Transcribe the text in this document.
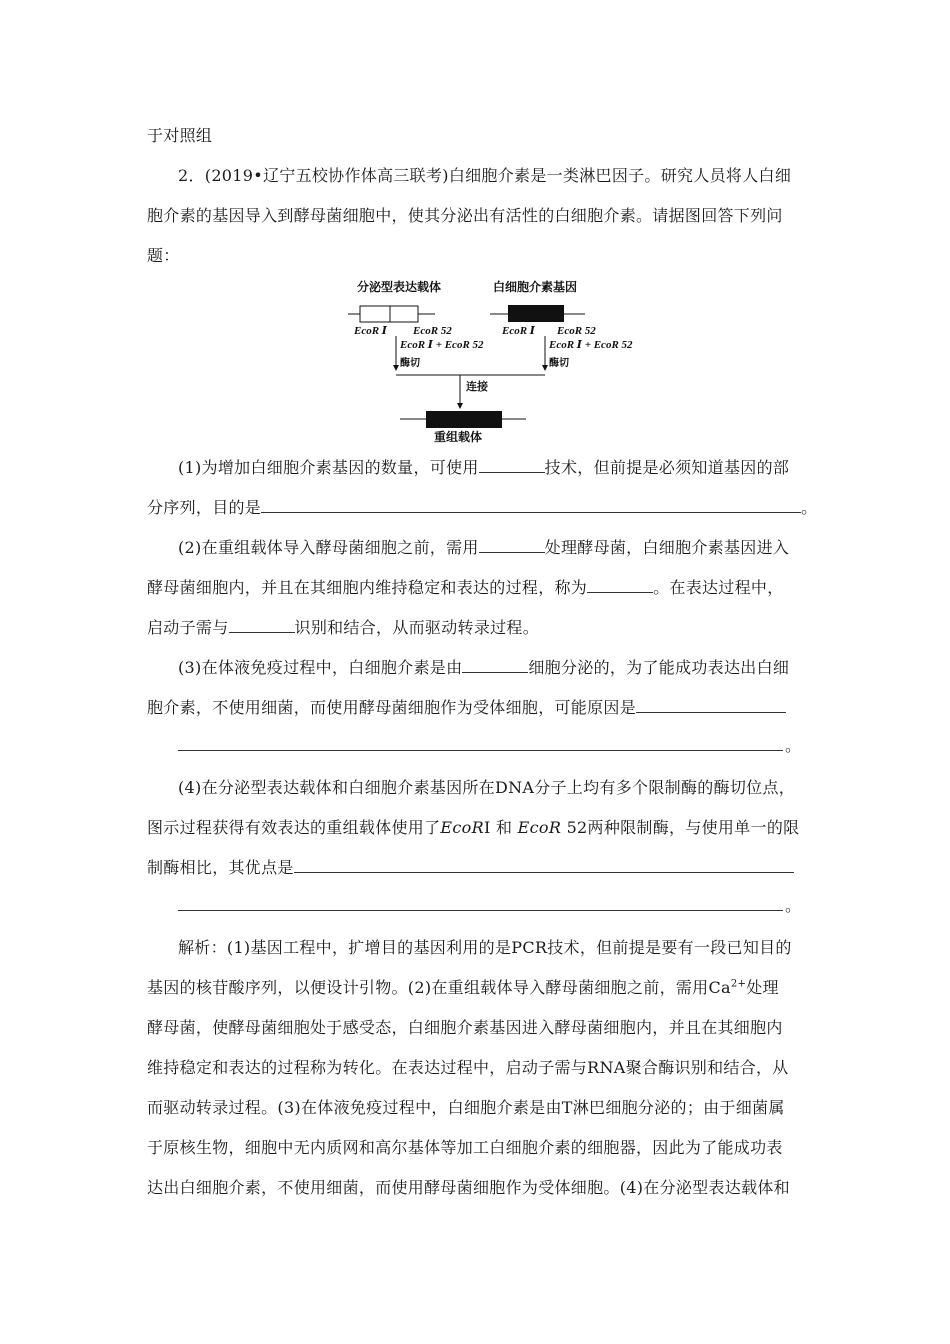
于对照组
2．(2019•辽宁五校协作体高三联考)白细胞介素是一类淋巴因子。研究人员将人白细
胞介素的基因导入到酵母菌细胞中，使其分泌出有活性的白细胞介素。请据图回答下列问
题：
分泌型表达载体
EcoR Ⅰ EcoR 52
EcoR Ⅰ + EcoR 52
酶切
白细胞介素基因
EcoR Ⅰ EcoR 52
EcoR Ⅰ + EcoR 52
酶切
连接
重组载体
(1)为增加白细胞介素基因的数量，可使用	技术，但前提是必须知道基因的部
分序列，目的是	。
(2)在重组载体导入酵母菌细胞之前，需用	处理酵母菌，白细胞介素基因进入
酵母菌细胞内，并且在其细胞内维持稳定和表达的过程，称为	。在表达过程中，
启动子需与	识别和结合，从而驱动转录过程。
(3)在体液免疫过程中，白细胞介素是由	细胞分泌的，为了能成功表达出白细
胞介素，不使用细菌，而使用酵母菌细胞作为受体细胞，可能原因是
。
(4)在分泌型表达载体和白细胞介素基因所在DNA分子上均有多个限制酶的酶切位点，
图示过程获得有效表达的重组载体使用了EcoRⅠ 和 EcoR 52两种限制酶，与使用单一的限
制酶相比，其优点是
。
解析：(1)基因工程中，扩增目的基因利用的是PCR技术，但前提是要有一段已知目的
基因的核苷酸序列，以便设计引物。(2)在重组载体导入酵母菌细胞之前，需用$Ca^{2+}$处理
酵母菌，使酵母菌细胞处于感受态，白细胞介素基因进入酵母菌细胞内，并且在其细胞内
维持稳定和表达的过程称为转化。在表达过程中，启动子需与RNA聚合酶识别和结合，从
而驱动转录过程。(3)在体液免疫过程中，白细胞介素是由T淋巴细胞分泌的；由于细菌属
于原核生物，细胞中无内质网和高尔基体等加工白细胞介素的细胞器，因此为了能成功表
达出白细胞介素，不使用细菌，而使用酵母菌细胞作为受体细胞。(4)在分泌型表达载体和
